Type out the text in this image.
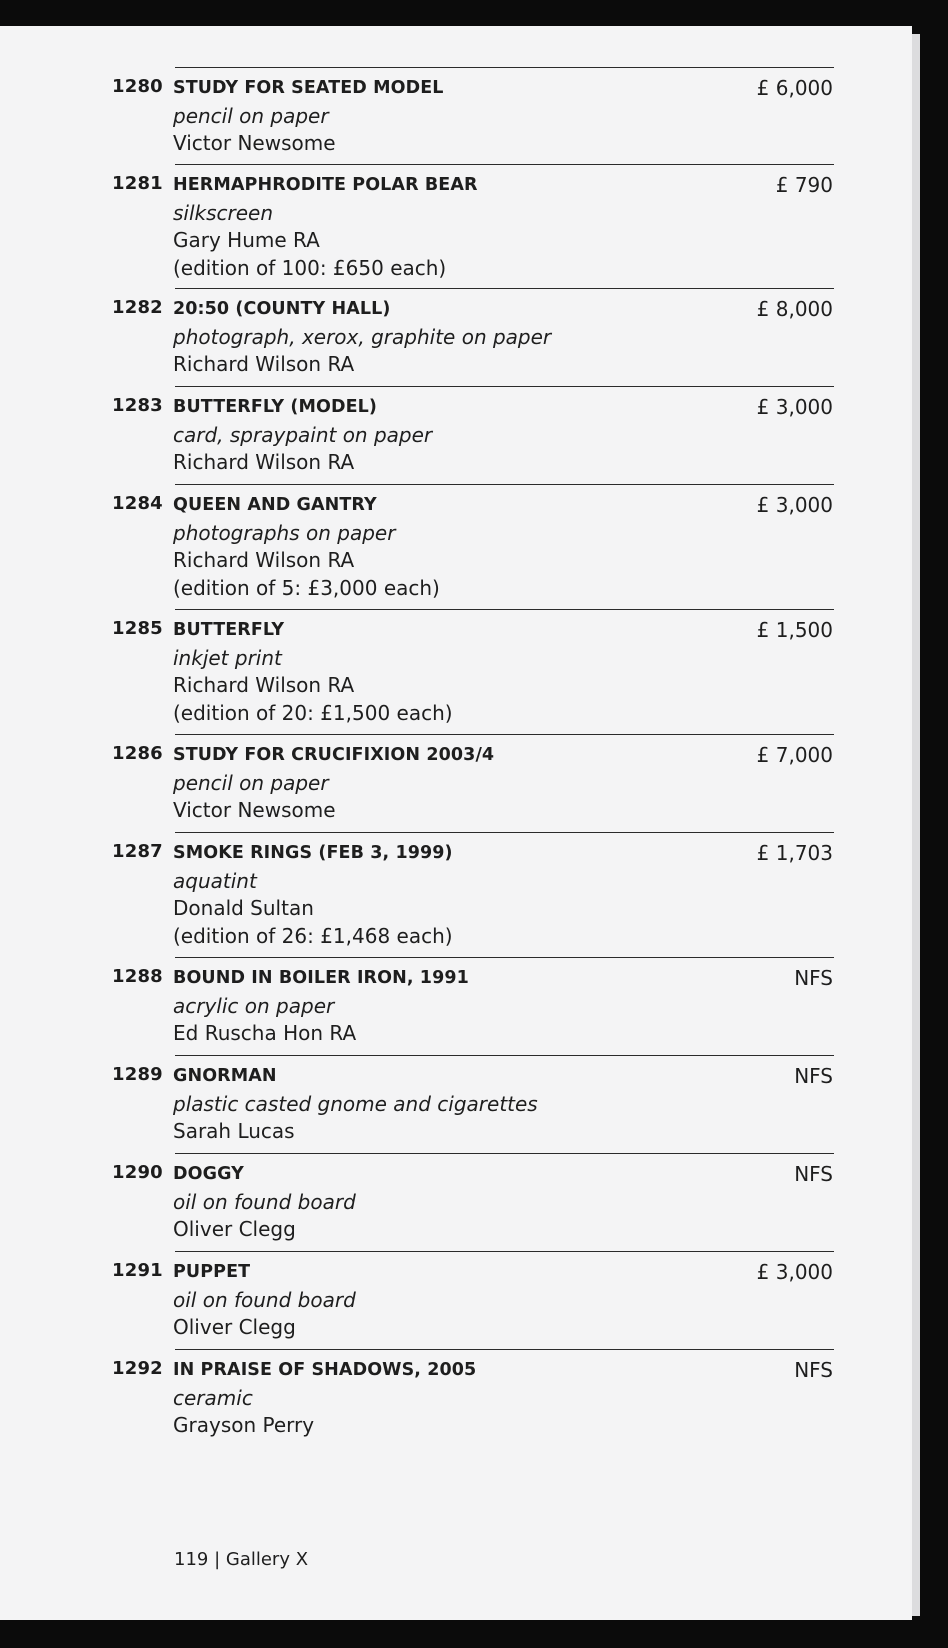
1280 STUDY FOR SEATED MODEL
pencil on paper
Victor Newsome
£ 6,000
1281 HERMAPHRODITE POLAR BEAR
silkscreen
Gary Hume RA
(edition of 100: £650 each)
£ 790
1282 20:50 (COUNTY HALL)
photograph, xerox, graphite on paper
Richard Wilson RA
£ 8,000
1283 BUTTERFLY (MODEL)
card, spraypaint on paper
Richard Wilson RA
£ 3,000
1284 QUEEN AND GANTRY
photographs on paper
Richard Wilson RA
(edition of 5: £3,000 each)
£ 3,000
1285 BUTTERFLY
inkjet print
Richard Wilson RA
(edition of 20: £1,500 each)
£ 1,500
1286 STUDY FOR CRUCIFIXION 2003/4
pencil on paper
Victor Newsome
£ 7,000
1287 SMOKE RINGS (FEB 3, 1999)
aquatint
Donald Sultan
(edition of 26: £1,468 each)
£ 1,703
1288 BOUND IN BOILER IRON, 1991
acrylic on paper
Ed Ruscha Hon RA
NFS
1289 GNORMAN
plastic casted gnome and cigarettes
Sarah Lucas
NFS
1290 DOGGY
oil on found board
Oliver Clegg
NFS
1291 PUPPET
oil on found board
Oliver Clegg
£ 3,000
1292 IN PRAISE OF SHADOWS, 2005
ceramic
Grayson Perry
NFS
119 | Gallery X
